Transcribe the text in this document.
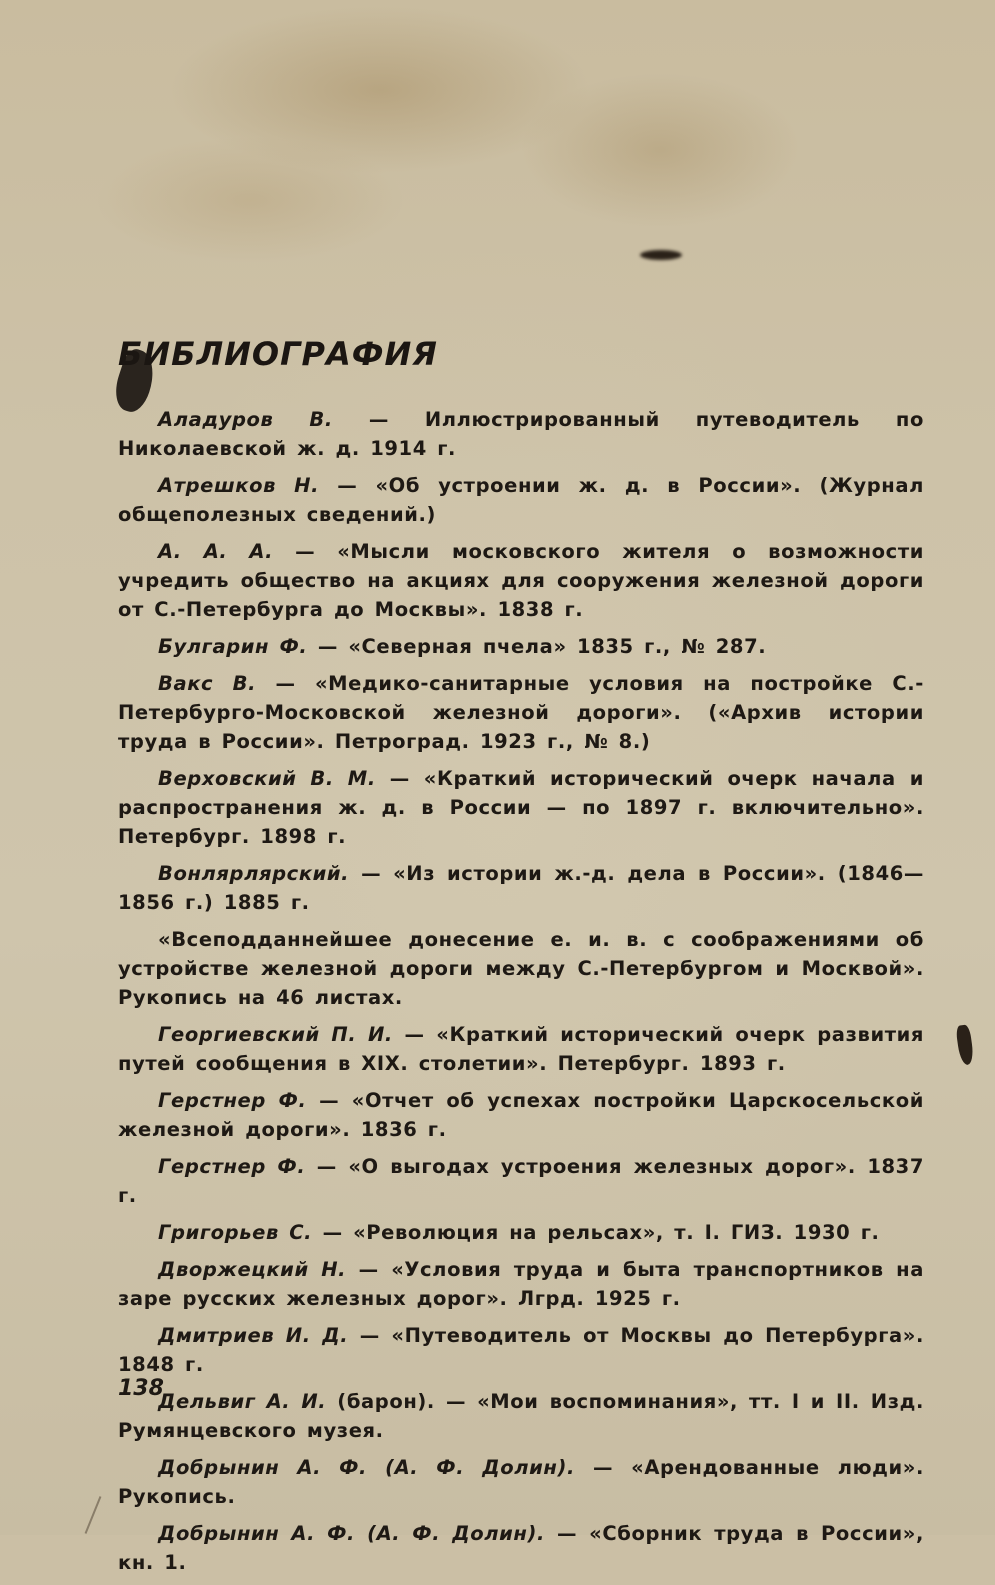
БИБЛИОГРАФИЯ

Аладуров В. — Иллюстрированный путеводитель по Николаевской ж. д. 1914 г.

Атрешков Н. — «Об устроении ж. д. в России». (Журнал общеполезных сведений.)

А. А. А. — «Мысли московского жителя о возможности учредить общество на акциях для сооружения железной дороги от С.-Петербурга до Москвы». 1838 г.

Булгарин Ф. — «Северная пчела» 1835 г., № 287.

Вакс В. — «Медико-санитарные условия на постройке С.-Петербурго-Московской железной дороги». («Архив истории труда в России». Петроград. 1923 г., № 8.)

Верховский В. М. — «Краткий исторический очерк начала и распространения ж. д. в России — по 1897 г. включительно». Петербург. 1898 г.

Вонлярлярский. — «Из истории ж.-д. дела в России». (1846—1856 г.) 1885 г.

«Всеподданнейшее донесение е. и. в. с соображениями об устройстве железной дороги между С.-Петербургом и Москвой». Рукопись на 46 листах.

Георгиевский П. И. — «Краткий исторический очерк развития путей сообщения в XIX. столетии». Петербург. 1893 г.

Герстнер Ф. — «Отчет об успехах постройки Царскосельской железной дороги». 1836 г.

Герстнер Ф. — «О выгодах устроения железных дорог». 1837 г.

Григорьев С. — «Революция на рельсах», т. I. ГИЗ. 1930 г.

Дворжецкий Н. — «Условия труда и быта транспортников на заре русских железных дорог». Лгрд. 1925 г.

Дмитриев И. Д. — «Путеводитель от Москвы до Петербурга». 1848 г.

Дельвиг А. И. (барон). — «Мои воспоминания», тт. I и II. Изд. Румянцевского музея.

Добрынин А. Ф. (А. Ф. Долин). — «Арендованные люди». Рукопись.

Добрынин А. Ф. (А. Ф. Долин). — «Сборник труда в России», кн. 1.

138
